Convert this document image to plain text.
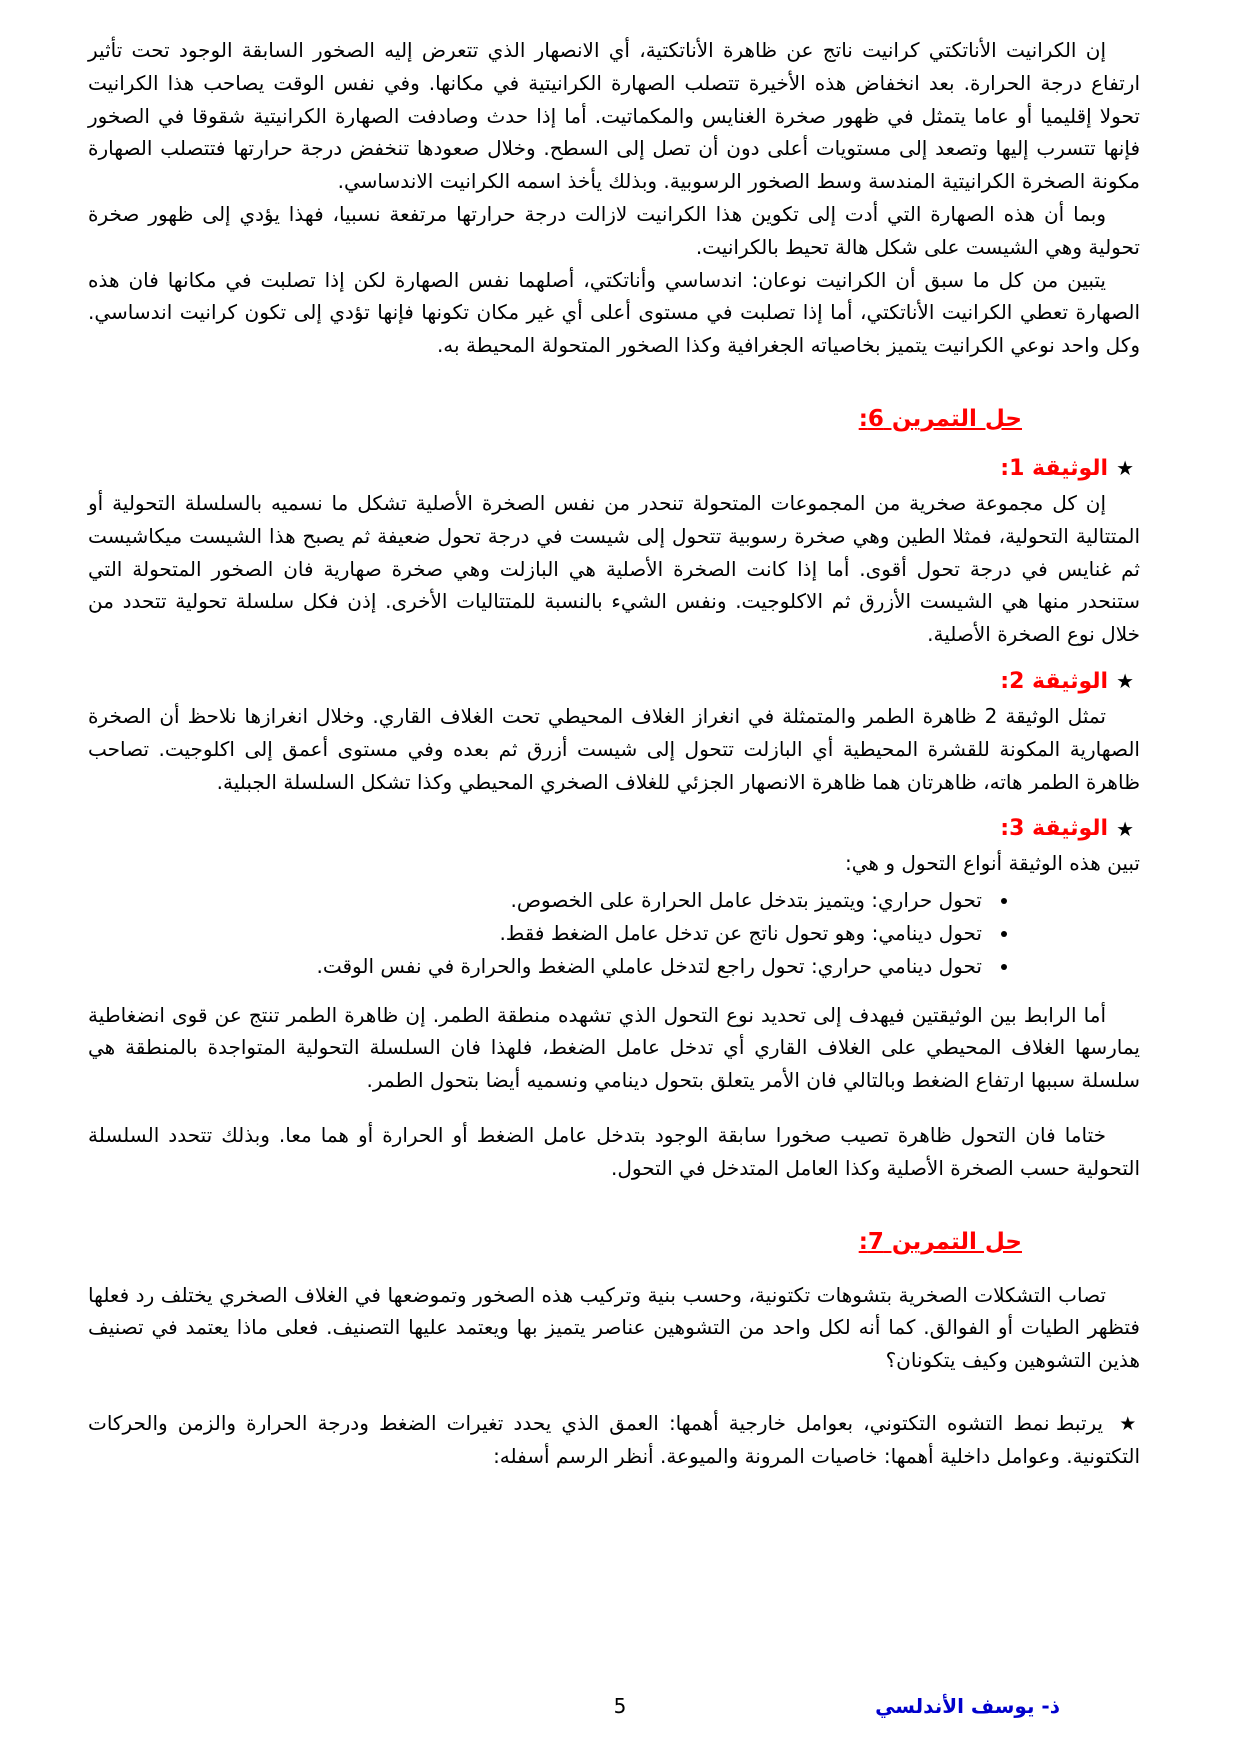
إن الكرانيت الأناتكتي كرانيت ناتج عن ظاهرة الأناتكتية، أي الانصهار الذي تتعرض إليه الصخور السابقة الوجود تحت تأثير ارتفاع درجة الحرارة. بعد انخفاض هذه الأخيرة تتصلب الصهارة الكرانيتية في مكانها. وفي نفس الوقت يصاحب هذا الكرانيت تحولا إقليميا أو عاما يتمثل في ظهور صخرة الغنايس والمكماتيت. أما إذا حدث وصادفت الصهارة الكرانيتية شقوقا في الصخور فإنها تتسرب إليها وتصعد إلى مستويات أعلى دون أن تصل إلى السطح. وخلال صعودها تنخفض درجة حرارتها فتتصلب الصهارة مكونة الصخرة الكرانيتية المندسة وسط الصخور الرسوبية. وبذلك يأخذ اسمه الكرانيت الاندساسي.

وبما أن هذه الصهارة التي أدت إلى تكوين هذا الكرانيت لازالت درجة حرارتها مرتفعة نسبيا، فهذا يؤدي إلى ظهور صخرة تحولية وهي الشيست على شكل هالة تحيط بالكرانيت.

يتبين من كل ما سبق أن الكرانيت نوعان: اندساسي وأناتكتي، أصلهما نفس الصهارة لكن إذا تصلبت في مكانها فان هذه الصهارة تعطي الكرانيت الأناتكتي، أما إذا تصلبت في مستوى أعلى أي غير مكان تكونها فإنها تؤدي إلى تكون كرانيت اندساسي. وكل واحد نوعي الكرانيت يتميز بخاصياته الجغرافية وكذا الصخور المتحولة المحيطة به.

حل التمرين 6:
★
الوثيقة 1:

إن كل مجموعة صخرية من المجموعات المتحولة تنحدر من نفس الصخرة الأصلية تشكل ما نسميه بالسلسلة التحولية أو المتتالية التحولية، فمثلا الطين وهي صخرة رسوبية تتحول إلى شيست في درجة تحول ضعيفة ثم يصبح هذا الشيست ميكاشيست ثم غنايس في درجة تحول أقوى. أما إذا كانت الصخرة الأصلية هي البازلت وهي صخرة صهارية فان الصخور المتحولة التي ستنحدر منها هي الشيست الأزرق ثم الاكلوجيت. ونفس الشيء بالنسبة للمتتاليات الأخرى. إذن فكل سلسلة تحولية تتحدد من خلال نوع الصخرة الأصلية.

★
الوثيقة 2:

تمثل الوثيقة 2 ظاهرة الطمر والمتمثلة في انغراز الغلاف المحيطي تحت الغلاف القاري. وخلال انغرازها نلاحظ أن الصخرة الصهارية المكونة للقشرة المحيطية أي البازلت تتحول إلى شيست أزرق ثم بعده وفي مستوى أعمق إلى اكلوجيت. تصاحب ظاهرة الطمر هاته، ظاهرتان هما ظاهرة الانصهار الجزئي للغلاف الصخري المحيطي وكذا تشكل السلسلة الجبلية.

★
الوثيقة 3:

تبين هذه الوثيقة أنواع التحول و هي:

• تحول حراري: ويتميز بتدخل عامل الحرارة على الخصوص.
• تحول دينامي: وهو تحول ناتج عن تدخل عامل الضغط فقط.
• تحول دينامي حراري: تحول راجع لتدخل عاملي الضغط والحرارة في نفس الوقت.

أما الرابط بين الوثيقتين فيهدف إلى تحديد نوع التحول الذي تشهده منطقة الطمر. إن ظاهرة الطمر تنتج عن قوى انضغاطية يمارسها الغلاف المحيطي على الغلاف القاري أي تدخل عامل الضغط، فلهذا فان السلسلة التحولية المتواجدة بالمنطقة هي سلسلة سببها ارتفاع الضغط وبالتالي فان الأمر يتعلق بتحول دينامي ونسميه أيضا بتحول الطمر.

ختاما فان التحول ظاهرة تصيب صخورا سابقة الوجود بتدخل عامل الضغط أو الحرارة أو هما معا. وبذلك تتحدد السلسلة التحولية حسب الصخرة الأصلية وكذا العامل المتدخل في التحول.

حل التمرين 7:

تصاب التشكلات الصخرية بتشوهات تكتونية، وحسب بنية وتركيب هذه الصخور وتموضعها في الغلاف الصخري يختلف رد فعلها فتظهر الطيات أو الفوالق. كما أنه لكل واحد من التشوهين عناصر يتميز بها ويعتمد عليها التصنيف. فعلى ماذا يعتمد في تصنيف هذين التشوهين وكيف يتكونان؟

★ يرتبط نمط التشوه التكتوني، بعوامل خارجية أهمها: العمق الذي يحدد تغيرات الضغط ودرجة الحرارة والزمن والحركات التكتونية. وعوامل داخلية أهمها: خاصيات المرونة والميوعة. أنظر الرسم أسفله:

5	ذ- يوسف الأندلسي
